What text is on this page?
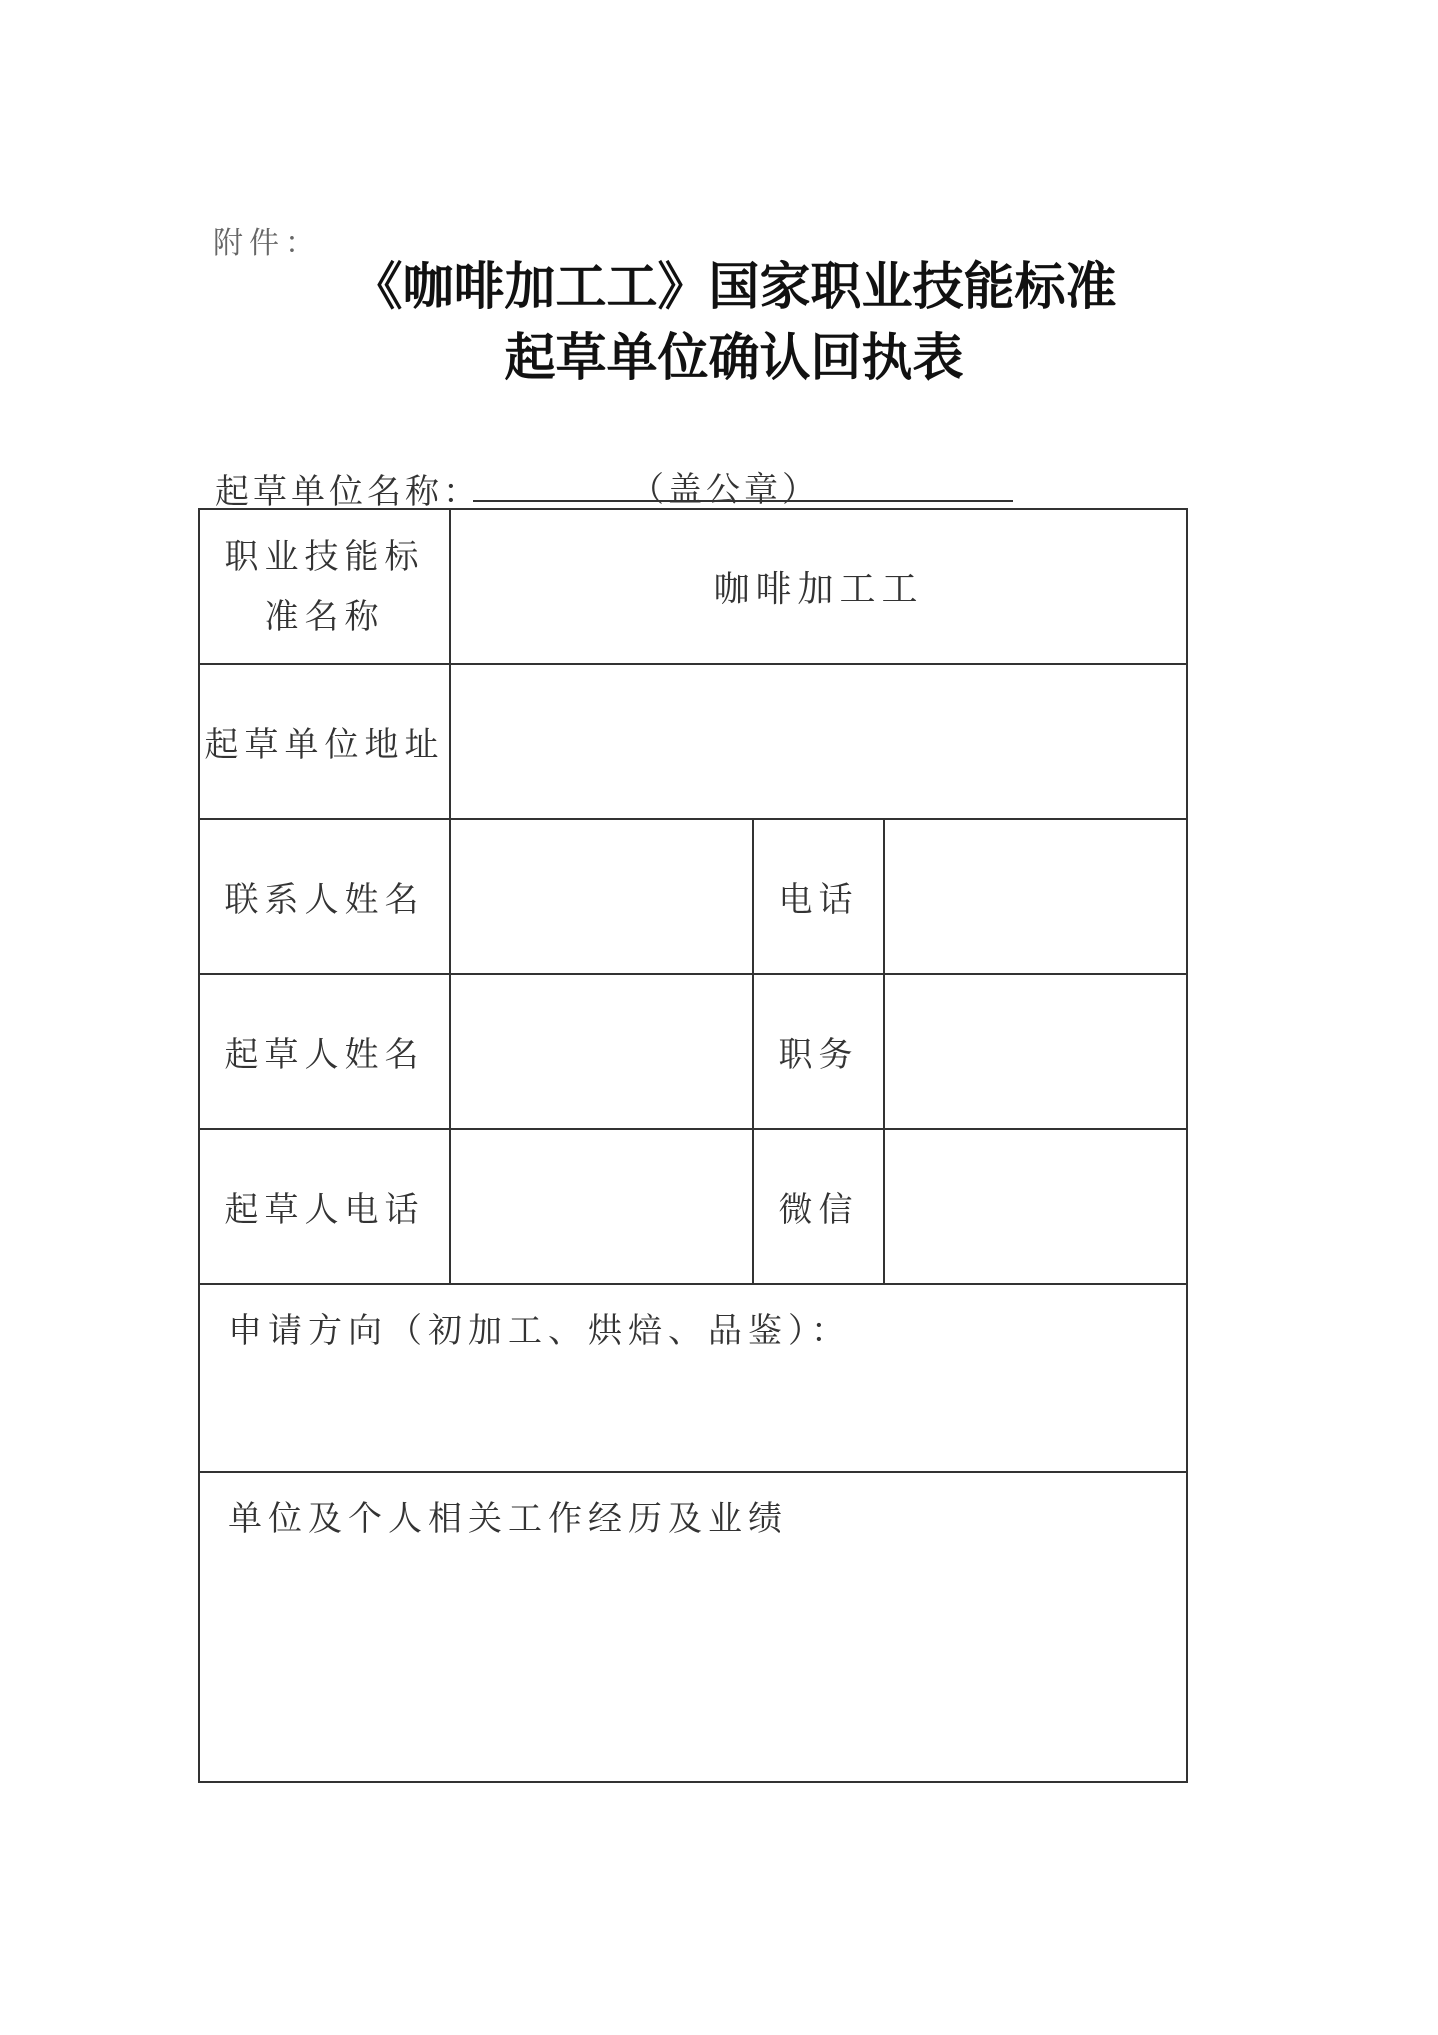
附件：
《咖啡加工工》国家职业技能标准
起草单位确认回执表
起草单位名称：	（盖公章）
职业技能标准名称	咖啡加工工		
起草单位地址			
联系人姓名		电话	
起草人姓名		职务	
起草人电话		微信	
申请方向（初加工、烘焙、品鉴）：			
单位及个人相关工作经历及业绩			
